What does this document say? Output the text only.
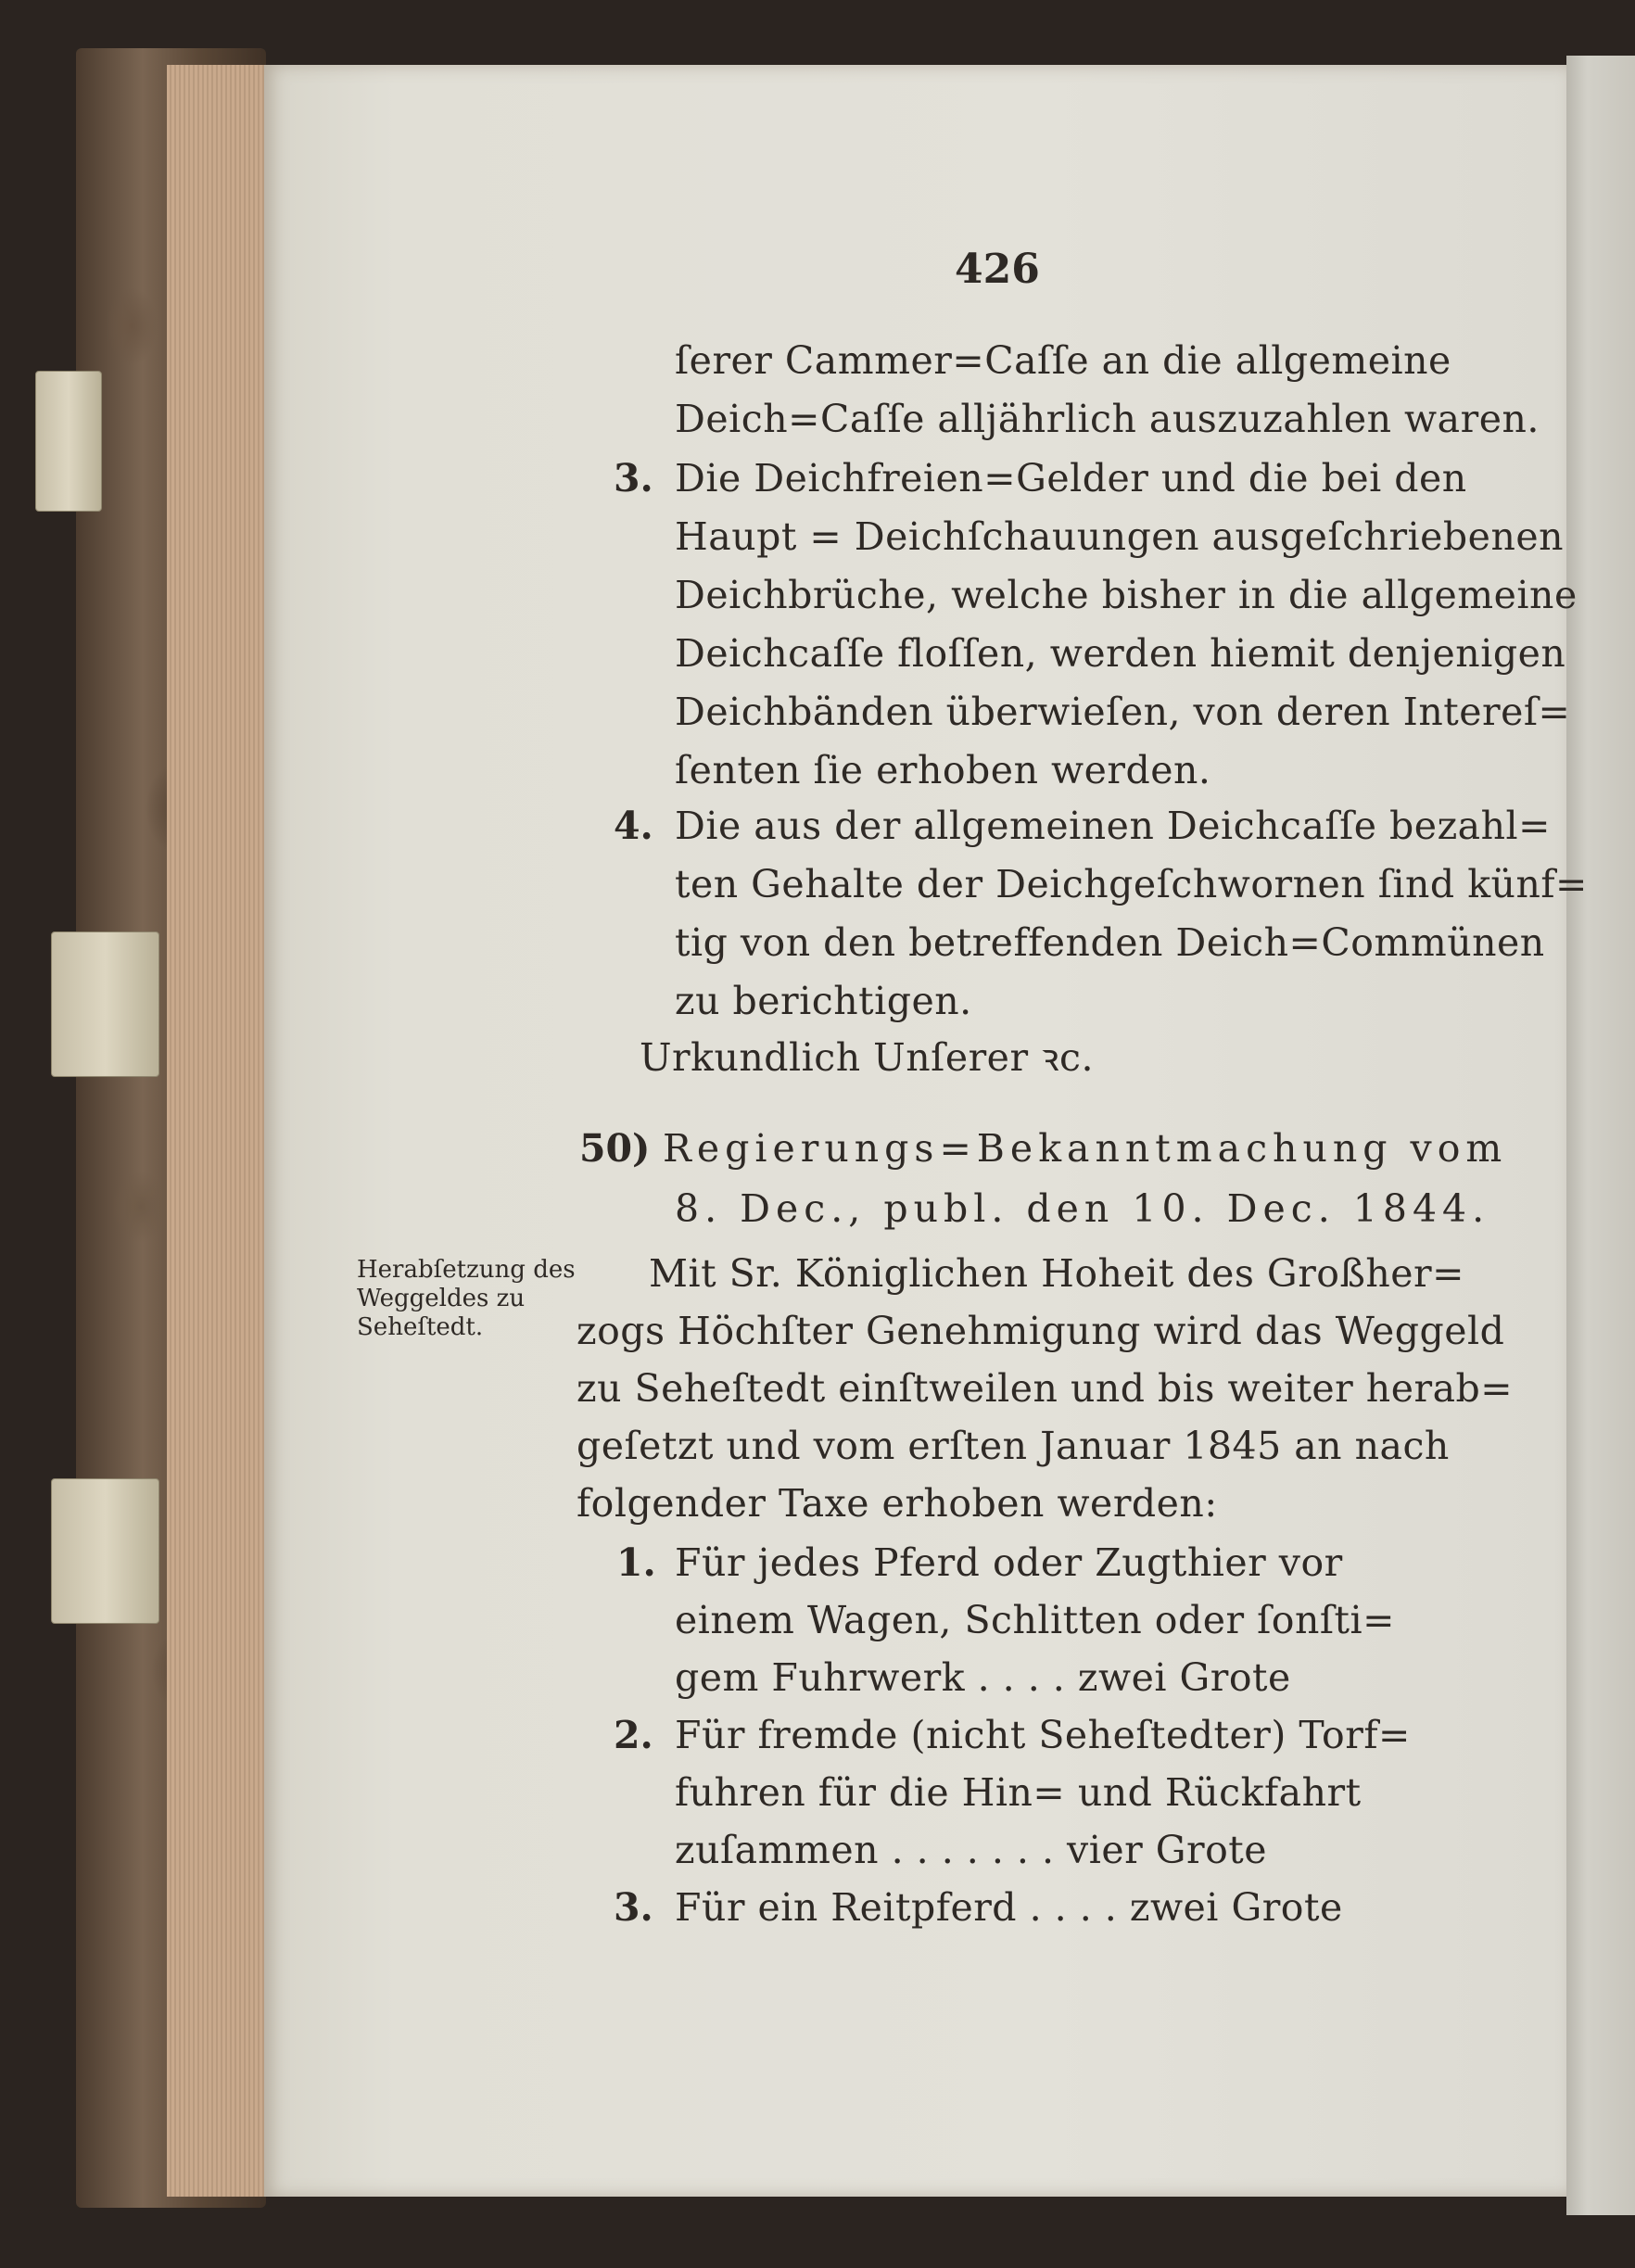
426
ſerer Cammer=Caſſe an die allgemeine
Deich=Caſſe alljährlich auszuzahlen waren.
3. Die Deichfreien=Gelder und die bei den
Haupt = Deichſchauungen ausgeſchriebenen
Deichbrüche, welche bisher in die allgemeine
Deichcaſſe floſſen, werden hiemit denjenigen
Deichbänden überwieſen, von deren Intereſ=
ſenten ſie erhoben werden.
4. Die aus der allgemeinen Deichcaſſe bezahl=
ten Gehalte der Deichgeſchwornen ſind künf=
tig von den betreffenden Deich=Commünen
zu berichtigen.
Urkundlich Unſerer ꝛc.
50) Regierungs=Bekanntmachung vom
8. Dec., publ. den 10. Dec. 1844.
Herabſetzung des
Weggeldes zu
Seheſtedt.
Mit Sr. Königlichen Hoheit des Großher=
zogs Höchſter Genehmigung wird das Weggeld
zu Seheſtedt einſtweilen und bis weiter herab=
geſetzt und vom erſten Januar 1845 an nach
folgender Taxe erhoben werden:
1. Für jedes Pferd oder Zugthier vor
einem Wagen, Schlitten oder ſonſti=
gem Fuhrwerk . . . . zwei Grote
2. Für fremde (nicht Seheſtedter) Torf=
fuhren für die Hin= und Rückfahrt
zuſammen . . . . . . . vier Grote
3. Für ein Reitpferd . . . . zwei Grote
